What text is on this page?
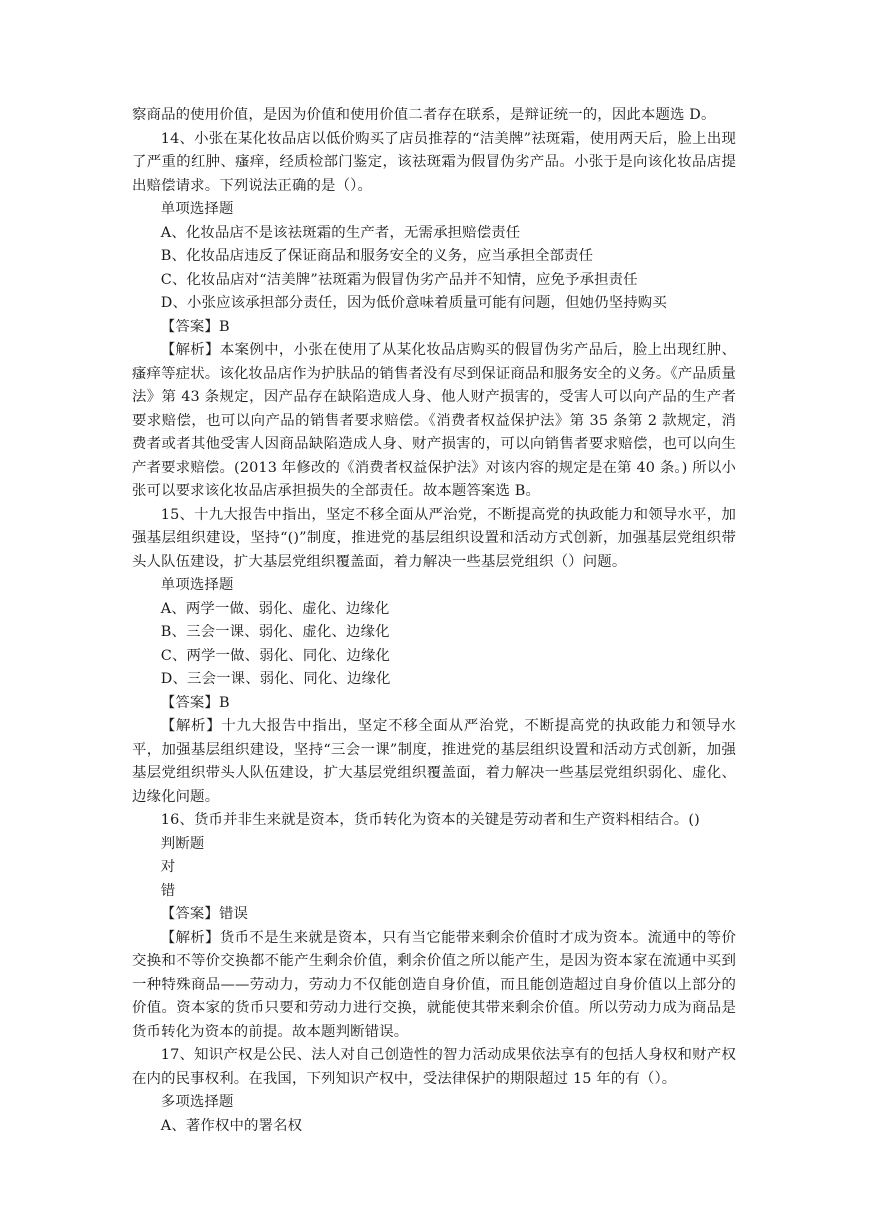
察商品的使用价值，是因为价值和使用价值二者存在联系，是辩证统一的，因此本题选 D。

14、小张在某化妆品店以低价购买了店员推荐的“洁美牌”祛斑霜，使用两天后，脸上出现了严重的红肿、瘙痒，经质检部门鉴定，该祛斑霜为假冒伪劣产品。小张于是向该化妆品店提出赔偿请求。下列说法正确的是（）。

单项选择题

A、化妆品店不是该祛斑霜的生产者，无需承担赔偿责任

B、化妆品店违反了保证商品和服务安全的义务，应当承担全部责任

C、化妆品店对“洁美牌”祛斑霜为假冒伪劣产品并不知情，应免予承担责任

D、小张应该承担部分责任，因为低价意味着质量可能有问题，但她仍坚持购买

【答案】B

【解析】本案例中，小张在使用了从某化妆品店购买的假冒伪劣产品后，脸上出现红肿、瘙痒等症状。该化妆品店作为护肤品的销售者没有尽到保证商品和服务安全的义务。《产品质量法》第 43 条规定，因产品存在缺陷造成人身、他人财产损害的，受害人可以向产品的生产者要求赔偿，也可以向产品的销售者要求赔偿。《消费者权益保护法》第 35 条第 2 款规定，消费者或者其他受害人因商品缺陷造成人身、财产损害的，可以向销售者要求赔偿，也可以向生产者要求赔偿。(2013 年修改的《消费者权益保护法》对该内容的规定是在第 40 条。) 所以小张可以要求该化妆品店承担损失的全部责任。故本题答案选 B。

15、十九大报告中指出，坚定不移全面从严治党，不断提高党的执政能力和领导水平，加强基层组织建设，坚持“()”制度，推进党的基层组织设置和活动方式创新，加强基层党组织带头人队伍建设，扩大基层党组织覆盖面，着力解决一些基层党组织（）问题。

单项选择题

A、两学一做、弱化、虚化、边缘化

B、三会一课、弱化、虚化、边缘化

C、两学一做、弱化、同化、边缘化

D、三会一课、弱化、同化、边缘化

【答案】B

【解析】十九大报告中指出，坚定不移全面从严治党，不断提高党的执政能力和领导水平，加强基层组织建设，坚持“三会一课”制度，推进党的基层组织设置和活动方式创新，加强基层党组织带头人队伍建设，扩大基层党组织覆盖面，着力解决一些基层党组织弱化、虚化、边缘化问题。

16、货币并非生来就是资本，货币转化为资本的关键是劳动者和生产资料相结合。()

判断题

对

错

【答案】错误

【解析】货币不是生来就是资本，只有当它能带来剩余价值时才成为资本。流通中的等价交换和不等价交换都不能产生剩余价值，剩余价值之所以能产生，是因为资本家在流通中买到一种特殊商品——劳动力，劳动力不仅能创造自身价值，而且能创造超过自身价值以上部分的价值。资本家的货币只要和劳动力进行交换，就能使其带来剩余价值。所以劳动力成为商品是货币转化为资本的前提。故本题判断错误。

17、知识产权是公民、法人对自己创造性的智力活动成果依法享有的包括人身权和财产权在内的民事权利。在我国，下列知识产权中，受法律保护的期限超过 15 年的有（）。

多项选择题

A、著作权中的署名权
